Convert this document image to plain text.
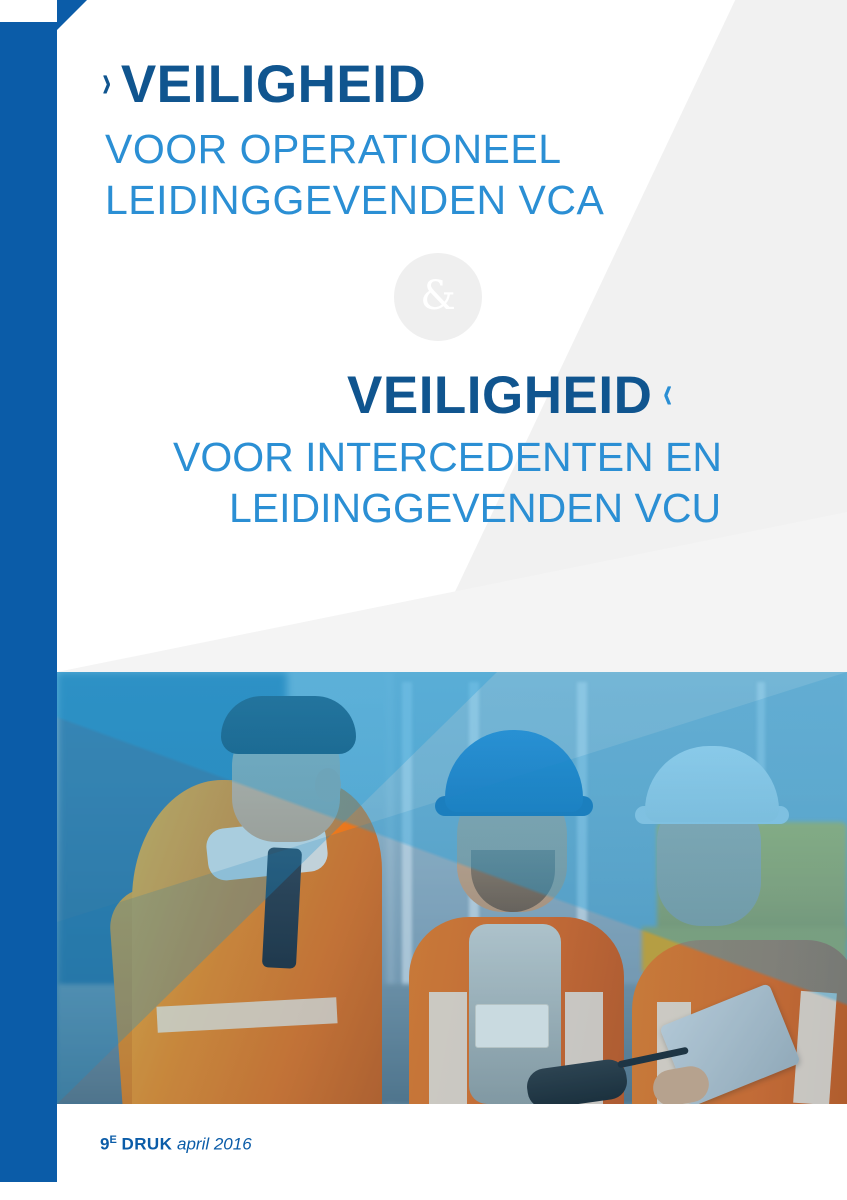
› VEILIGHEID
VOOR OPERATIONEEL
LEIDINGGEVENDEN VCA
&
VEILIGHEID ‹
VOOR INTERCEDENTEN EN
LEIDINGGEVENDEN VCU
$9^E$ DRUK april 2016
